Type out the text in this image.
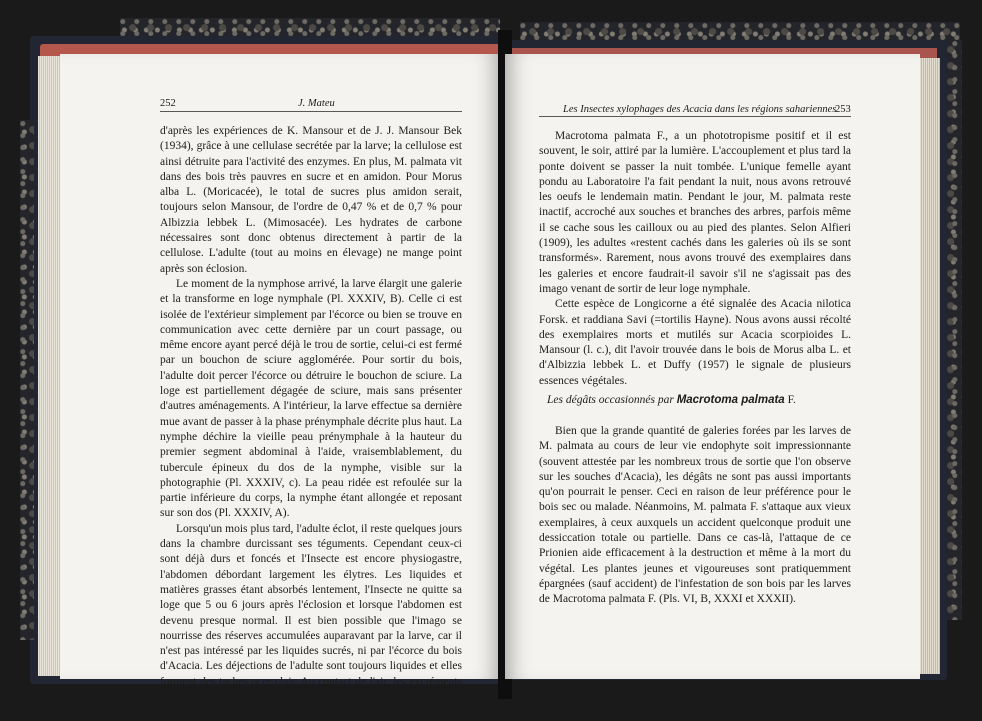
252	J. Mateu

d'après les expériences de K. Mansour et de J. J. Mansour Bek (1934), grâce à une cellulase secrétée par la larve; la cellulose est ainsi détruite para l'activité des enzymes. En plus, M. palmata vit dans des bois très pauvres en sucre et en amidon. Pour Morus alba L. (Moricacée), le total de sucres plus amidon serait, toujours selon Mansour, de l'ordre de 0,47 % et de 0,7 % pour Albizzia lebbek L. (Mimosacée). Les hydrates de carbone nécessaires sont donc obtenus directement à partir de la cellulose. L'adulte (tout au moins en élevage) ne mange point après son éclosion.

Le moment de la nymphose arrivé, la larve élargit une galerie et la transforme en loge nymphale (Pl. XXXIV, B). Celle ci est isolée de l'extérieur simplement par l'écorce ou bien se trouve en communication avec cette dernière par un court passage, ou même encore ayant percé déjà le trou de sortie, celui-ci est fermé par un bouchon de sciure agglomérée. Pour sortir du bois, l'adulte doit percer l'écorce ou détruire le bouchon de sciure. La loge est partiellement dégagée de sciure, mais sans présenter d'autres aménagements. A l'intérieur, la larve effectue sa dernière mue avant de passer à la phase prénymphale décrite plus haut. La nymphe déchire la vieille peau prénymphale à la hauteur du premier segment abdominal à l'aide, vraisemblablement, du tubercule épineux du dos de la nymphe, visible sur la photographie (Pl. XXXIV, c). La peau ridée est refoulée sur la partie inférieure du corps, la nymphe étant allongée et reposant sur son dos (Pl. XXXIV, A).

Lorsqu'un mois plus tard, l'adulte éclot, il reste quelques jours dans la chambre durcissant ses téguments. Cependant ceux-ci sont déjà durs et foncés et l'Insecte est encore physiogastre, l'abdomen débordant largement les élytres. Les liquides et matières grasses étant absorbés lentement, l'Insecte ne quitte sa loge que 5 ou 6 jours après l'éclosion et lorsque l'abdomen est devenu presque normal. Il est bien possible que l'imago se nourrisse des réserves accumulées auparavant par la larve, car il n'est pas intéressé par les liquides sucrés, ni par l'écorce du bois d'Acacia. Les déjections de l'adulte sont toujours liquides et elles forment des taches ocre clair. Au contact de l'air, les excréments plus ou moins visqueux, deviennent plus tard solides par l'évaporation de l'eau qu'ils contiennent.

Les Insectes xylophages des Acacia dans les régions sahariennes
253

Macrotoma palmata F., a un phototropisme positif et il est souvent, le soir, attiré par la lumière. L'accouplement et plus tard la ponte doivent se passer la nuit tombée. L'unique femelle ayant pondu au Laboratoire l'a fait pendant la nuit, nous avons retrouvé les oeufs le lendemain matin. Pendant le jour, M. palmata reste inactif, accroché aux souches et branches des arbres, parfois même il se cache sous les cailloux ou au pied des plantes. Selon Alfieri (1909), les adultes «restent cachés dans les galeries où ils se sont transformés». Rarement, nous avons trouvé des exemplaires dans les galeries et encore faudrait-il savoir s'il ne s'agissait pas des imago venant de sortir de leur loge nymphale.

Cette espèce de Longicorne a été signalée des Acacia nilotica Forsk. et raddiana Savi (=tortilis Hayne). Nous avons aussi récolté des exemplaires morts et mutilés sur Acacia scorpioides L. Mansour (l. c.), dit l'avoir trouvée dans le bois de Morus alba L. et d'Albizzia lebbek L. et Duffy (1957) le signale de plusieurs essences végétales.

Les dégâts occasionnés par Macrotoma palmata F.

Bien que la grande quantité de galeries forées par les larves de M. palmata au cours de leur vie endophyte soit impressionnante (souvent attestée par les nombreux trous de sortie que l'on observe sur les souches d'Acacia), les dégâts ne sont pas aussi importants qu'on pourrait le penser. Ceci en raison de leur préférence pour le bois sec ou malade. Néanmoins, M. palmata F. s'attaque aux vieux exemplaires, à ceux auxquels un accident quelconque produit une dessiccation totale ou partielle. Dans ce cas-là, l'attaque de ce Prionien aide efficacement à la destruction et même à la mort du végétal. Les plantes jeunes et vigoureuses sont pratiquemment épargnées (sauf accident) de l'infestation de son bois par les larves de Macrotoma palmata F. (Pls. VI, B, XXXI et XXXII).
